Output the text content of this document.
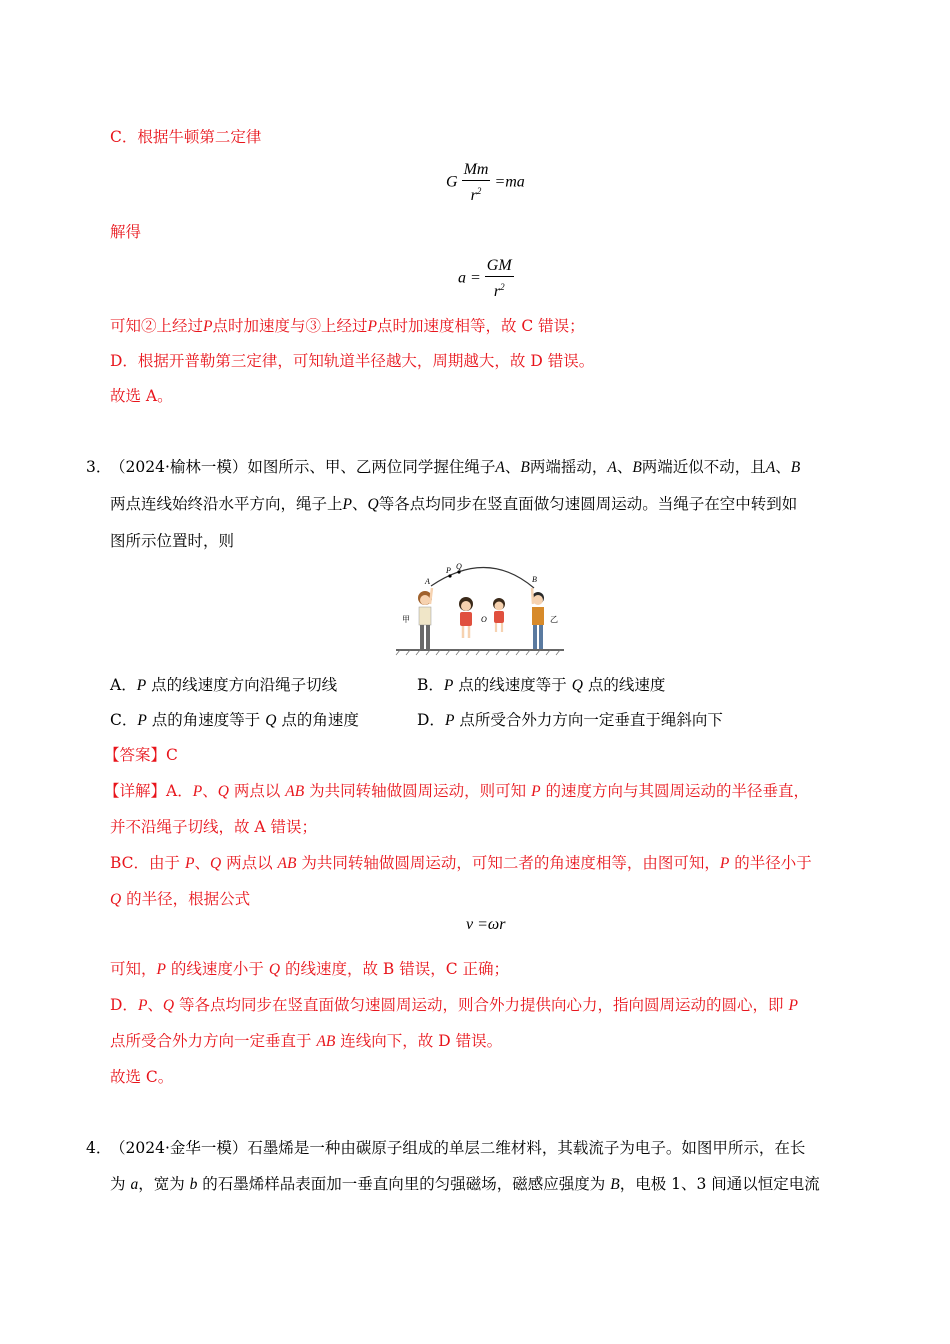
C．根据牛顿第二定律
G $\frac{Mm}{r^2} =ma$
解得
$a = \frac{GM}{r^2}$
可知②上经过P点时加速度与③上经过P点时加速度相等，故 C 错误；
D．根据开普勒第三定律，可知轨道半径越大，周期越大，故 D 错误。
故选 A。
3．
（2024·榆林一模）如图所示、甲、乙两位同学握住绳子A、B两端摇动，A、B两端近似不动，且A、B
两点连线始终沿水平方向，绳子上P、Q等各点均同步在竖直面做匀速圆周运动。当绳子在空中转到如
图所示位置时，则
A
P Q
B
O
甲	乙
A．P 点的线速度方向沿绳子切线	B．P 点的线速度等于 Q 点的线速度
C．P 点的角速度等于 Q 点的角速度	D．P 点所受合外力方向一定垂直于绳斜向下
【答案】C
【详解】A．P、Q 两点以 AB 为共同转轴做圆周运动，则可知 P 的速度方向与其圆周运动的半径垂直，
并不沿绳子切线，故 A 错误；
BC．由于 P、Q 两点以 AB 为共同转轴做圆周运动，可知二者的角速度相等，由图可知，P 的半径小于
Q 的半径，根据公式
v =ωr
可知，P 的线速度小于 Q 的线速度，故 B 错误，C 正确；
D．P、Q 等各点均同步在竖直面做匀速圆周运动，则合外力提供向心力，指向圆周运动的圆心，即 P
点所受合外力方向一定垂直于 AB 连线向下，故 D 错误。
故选 C。
4．
（2024·金华一模）石墨烯是一种由碳原子组成的单层二维材料，其载流子为电子。如图甲所示，在长
为 a，宽为 b 的石墨烯样品表面加一垂直向里的匀强磁场，磁感应强度为 B，电极 1、3 间通以恒定电流
